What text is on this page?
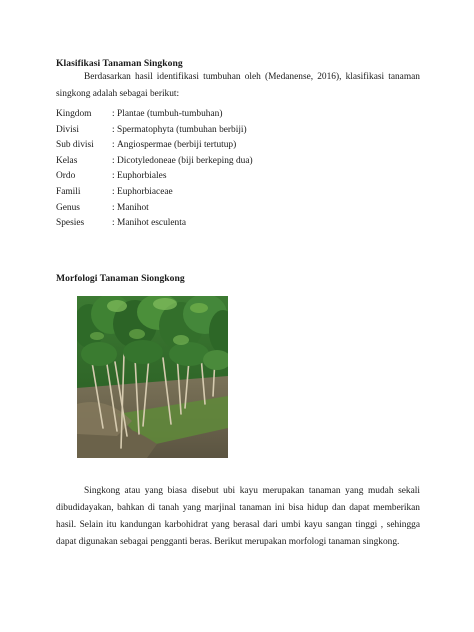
Klasifikasi Tanaman Singkong
Berdasarkan hasil identifikasi tumbuhan oleh (Medanense, 2016), klasifikasi tanaman singkong adalah sebagai berikut:
Kingdom : Plantae (tumbuh-tumbuhan)
Divisi	: Spermatophyta (tumbuhan berbiji)
Sub divisi : Angiospermae (berbiji tertutup)
Kelas	: Dicotyledoneae (biji berkeping dua)
Ordo	: Euphorbiales
Famili	: Euphorbiaceae
Genus	: Manihot
Spesies	: Manihot esculenta
Morfologi Tanaman Siongkong
Singkong atau yang biasa disebut ubi kayu merupakan tanaman yang mudah sekali dibudidayakan, bahkan di tanah yang marjinal tanaman ini bisa hidup dan dapat memberikan hasil. Selain itu kandungan karbohidrat yang berasal dari umbi kayu sangan tinggi , sehingga dapat digunakan sebagai pengganti beras. Berikut merupakan morfologi tanaman singkong.
